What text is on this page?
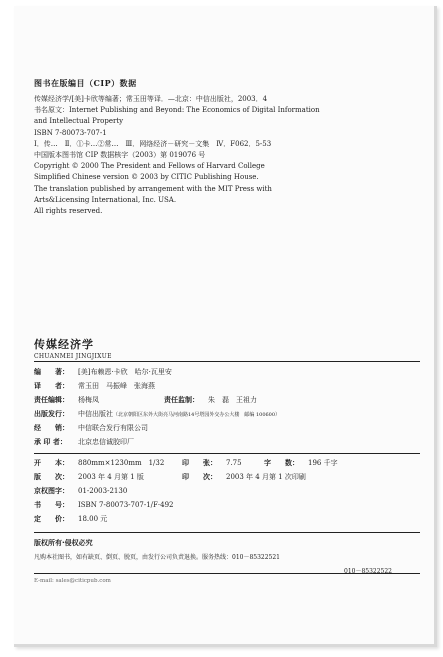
图书在版编目（CIP）数据
传媒经济学/[美]卡欣等编著；常玉田等译．—北京：中信出版社，2003．4
书名原文：Internet Publishing and Beyond: The Economics of Digital Information
and Intellectual Property
ISBN 7-80073-707-1
Ⅰ．传…　Ⅱ．①卡…②常…　Ⅲ．网络经济－研究－文集　Ⅳ．F062．5-53
中国版本图书馆 CIP 数据核字（2003）第 019076 号
Copyright © 2000 The President and Fellows of Harvard College
Simplified Chinese version © 2003 by CITIC Publishing House.
The translation published by arrangement with the MIT Press with
Arts&Licensing International, Inc. USA.
All rights reserved.
传媒经济学
CHUANMEI JINGJIXUE
编　　著： [美]布赖恩·卡欣　哈尔·瓦里安
译　　者： 常玉田　马振峰　张海燕
责任编辑： 杨梅凤	责任监制： 朱　磊　王祖力
出版发行： 中信出版社（北京朝阳区东外大街亮马河南路14号塔园外交办公大楼　邮编 100600）
经　　销： 中信联合发行有限公司
承 印 者： 北京忠信诚胶印厂
开　　本： 880mm×1230mm　1/32	印　　张： 7.75	字　　数： 196 千字
版　　次： 2003 年 4 月第 1 版	印　　次： 2003 年 4 月第 1 次印刷
京权图字： 01-2003-2130
书　　号： ISBN 7-80073-707-1/F·492
定　　价： 18.00 元
版权所有·侵权必究
凡购本社图书，如有缺页、倒页、脱页，由发行公司负责退换。服务热线：010－85322521
010－85322522
E-mail: sales@citicpub.com
